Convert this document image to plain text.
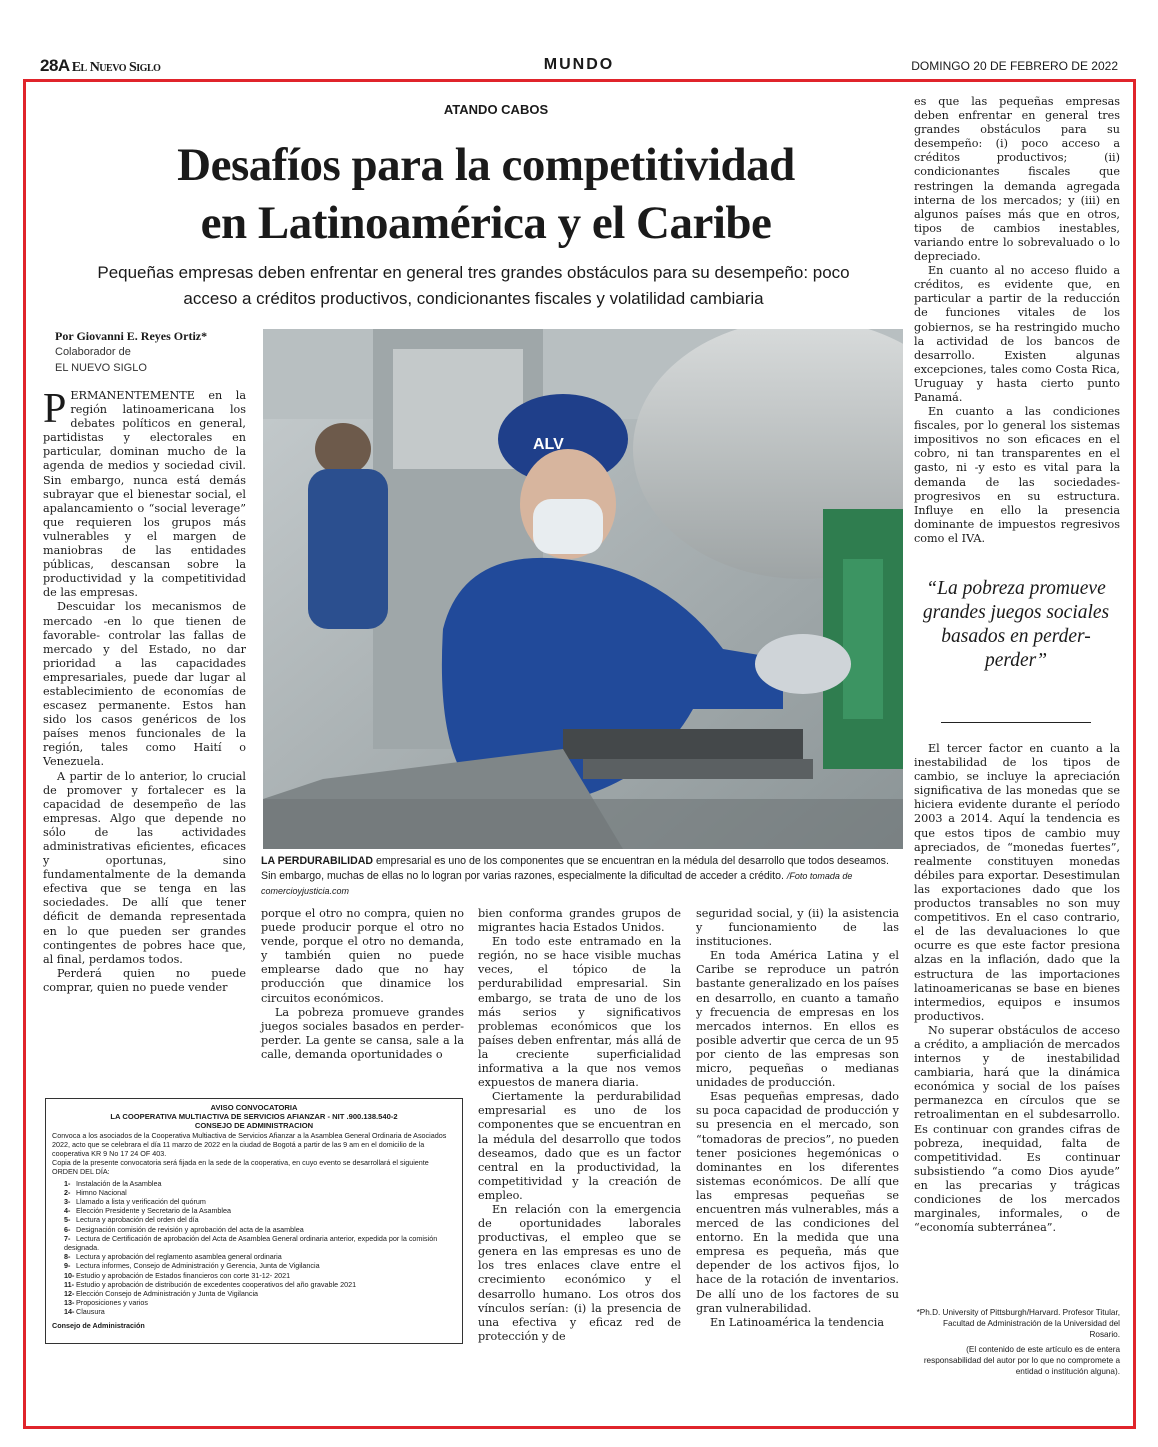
28A El Nuevo Siglo	MUNDO	DOMINGO 20 DE FEBRERO DE 2022
ATANDO CABOS
Desafíos para la competitividad
en Latinoamérica y el Caribe
Pequeñas empresas deben enfrentar en general tres grandes obstáculos para su desempeño: poco
acceso a créditos productivos, condicionantes fiscales y volatilidad cambiaria
Por Giovanni E. Reyes Ortiz*
Colaborador de
EL NUEVO SIGLO
ALV
LA PERDURABILIDAD empresarial es uno de los componentes que se encuentran en la médula del desarrollo que todos deseamos. Sin embargo, muchas de ellas no lo logran por varias razones, especialmente la dificultad de acceder a crédito. /Foto tomada de comercioyjusticia.com

PERMANENTEMENTE en la región latinoamericana los debates políticos en general, partidistas y electorales en particular, dominan mucho de la agenda de medios y sociedad civil. Sin embargo, nunca está demás subrayar que el bienestar social, el apalancamiento o “social leverage” que requieren los grupos más vulnerables y el margen de maniobras de las entidades públicas, descansan sobre la productividad y la competitividad de las empresas.

Descuidar los mecanismos de mercado -en lo que tienen de favorable- controlar las fallas de mercado y del Estado, no dar prioridad a las capacidades empresariales, puede dar lugar al establecimiento de economías de escasez permanente. Estos han sido los casos genéricos de los países menos funcionales de la región, tales como Haití o Venezuela.

A partir de lo anterior, lo crucial de promover y fortalecer es la capacidad de desempeño de las empresas. Algo que depende no sólo de las actividades administrativas eficientes, eficaces y oportunas, sino fundamentalmente de la demanda efectiva que se tenga en las sociedades. De allí que tener déficit de demanda representada en lo que pueden ser grandes contingentes de pobres hace que, al final, perdamos todos.

Perderá quien no puede comprar, quien no puede vender

porque el otro no compra, quien no puede producir porque el otro no vende, porque el otro no demanda, y también quien no puede emplearse dado que no hay producción que dinamice los circuitos económicos.

La pobreza promueve grandes juegos sociales basados en perder-perder. La gente se cansa, sale a la calle, demanda oportunidades o

bien conforma grandes grupos de migrantes hacia Estados Unidos.

En todo este entramado en la región, no se hace visible muchas veces, el tópico de la perdurabilidad empresarial. Sin embargo, se trata de uno de los más serios y significativos problemas económicos que los países deben enfrentar, más allá de la creciente superficialidad informativa a la que nos vemos expuestos de manera diaria.

Ciertamente la perdurabilidad empresarial es uno de los componentes que se encuentran en la médula del desarrollo que todos deseamos, dado que es un factor central en la productividad, la competitividad y la creación de empleo.

En relación con la emergencia de oportunidades laborales productivas, el empleo que se genera en las empresas es uno de los tres enlaces clave entre el crecimiento económico y el desarrollo humano. Los otros dos vínculos serían: (i) la presencia de una efectiva y eficaz red de protección y de

seguridad social, y (ii) la asistencia y funcionamiento de las instituciones.

En toda América Latina y el Caribe se reproduce un patrón bastante generalizado en los países en desarrollo, en cuanto a tamaño y frecuencia de empresas en los mercados internos. En ellos es posible advertir que cerca de un 95 por ciento de las empresas son micro, pequeñas o medianas unidades de producción.

Esas pequeñas empresas, dado su poca capacidad de producción y su presencia en el mercado, son “tomadoras de precios”, no pueden tener posiciones hegemónicas o dominantes en los diferentes sistemas económicos. De allí que las empresas pequeñas se encuentren más vulnerables, más a merced de las condiciones del entorno. En la medida que una empresa es pequeña, más que depender de los activos fijos, lo hace de la rotación de inventarios. De allí uno de los factores de su gran vulnerabilidad.

En Latinoamérica la tendencia

es que las pequeñas empresas deben enfrentar en general tres grandes obstáculos para su desempeño: (i) poco acceso a créditos productivos; (ii) condicionantes fiscales que restringen la demanda agregada interna de los mercados; y (iii) en algunos países más que en otros, tipos de cambios inestables, variando entre lo sobrevaluado o lo depreciado.

En cuanto al no acceso fluido a créditos, es evidente que, en particular a partir de la reducción de funciones vitales de los gobiernos, se ha restringido mucho la actividad de los bancos de desarrollo. Existen algunas excepciones, tales como Costa Rica, Uruguay y hasta cierto punto Panamá.

En cuanto a las condiciones fiscales, por lo general los sistemas impositivos no son eficaces en el cobro, ni tan transparentes en el gasto, ni -y esto es vital para la demanda de las sociedades- progresivos en su estructura. Influye en ello la presencia dominante de impuestos regresivos como el IVA.

“La pobreza promueve grandes juegos sociales basados en perder-perder”

El tercer factor en cuanto a la inestabilidad de los tipos de cambio, se incluye la apreciación significativa de las monedas que se hiciera evidente durante el período 2003 a 2014. Aquí la tendencia es que estos tipos de cambio muy apreciados, de “monedas fuertes”, realmente constituyen monedas débiles para exportar. Desestimulan las exportaciones dado que los productos transables no son muy competitivos. En el caso contrario, el de las devaluaciones lo que ocurre es que este factor presiona alzas en la inflación, dado que la estructura de las importaciones latinoamericanas se base en bienes intermedios, equipos e insumos productivos.

No superar obstáculos de acceso a crédito, a ampliación de mercados internos y de inestabilidad cambiaria, hará que la dinámica económica y social de los países permanezca en círculos que se retroalimentan en el subdesarrollo. Es continuar con grandes cifras de pobreza, inequidad, falta de competitividad. Es continuar subsistiendo “a como Dios ayude” en las precarias y trágicas condiciones de los mercados marginales, informales, o de “economía subterránea”.

*Ph.D. University of Pittsburgh/Harvard. Profesor Titular, Facultad de Administración de la Universidad del Rosario.
(El contenido de este artículo es de entera responsabilidad del autor por lo que no compromete a entidad o institución alguna).
AVISO CONVOCATORIA
LA COOPERATIVA MULTIACTIVA DE SERVICIOS AFIANZAR - NIT .900.138.540-2
CONSEJO DE ADMINISTRACION
Convoca a los asociados de la Cooperativa Multiactiva de Servicios Afianzar a la Asamblea General Ordinaria de Asociados 2022, acto que se celebrara el día 11 marzo de 2022 en la ciudad de Bogotá a partir de las 9 am en el domicilio de la cooperativa KR 9 No 17 24 OF 403.
Copia de la presente convocatoria será fijada en la sede de la cooperativa, en cuyo evento se desarrollará el siguiente ORDEN DEL DÍA:
1- Instalación de la Asamblea
2- Himno Nacional
3- Llamado a lista y verificación del quórum
4- Elección Presidente y Secretario de la Asamblea
5- Lectura y aprobación del orden del día
6- Designación comisión de revisión y aprobación del acta de la asamblea
7- Lectura de Certificación de aprobación del Acta de Asamblea General ordinaria anterior, expedida por la comisión designada.
8- Lectura y aprobación del reglamento asamblea general ordinaria
9- Lectura informes, Consejo de Administración y Gerencia, Junta de Vigilancia
10- Estudio y aprobación de Estados financieros con corte 31-12- 2021
11- Estudio y aprobación de distribución de excedentes cooperativos del año gravable 2021
12- Elección Consejo de Administración y Junta de Vigilancia
13- Proposiciones y varios
14- Clausura
Consejo de Administración
